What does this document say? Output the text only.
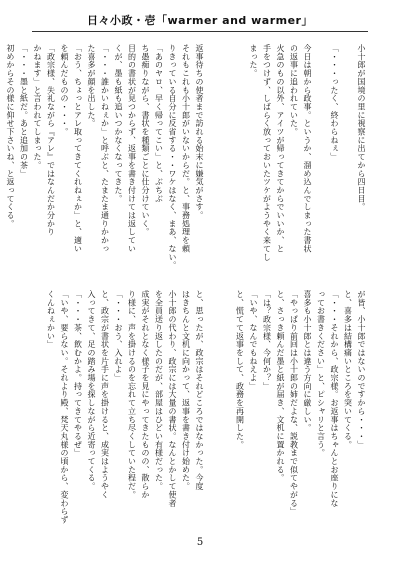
日々小政・壱「warmer and warmer」
小十郎が国境の里に視察に出てから四日目。

「・・・ったく、終わらねぇ」

今日は朝から政事。というか、溜め込んでしまった書状
の返事に追われていた。
火急のもの以外、アイツが帰ってきてからでいいか、と
手をつけず、しばらく放っておいたツケがようやく来てし
まった。
返事待ちの使者まで訪れる始末に嫌気がさす。
それもこれも小十郎がいないからだ。と、事務処理を頼
りきっている自分に反省する・・ワケはなく、まあ、ない。
「あのヤロ、早く帰ってこい」と、ぶちぶ
ち愚痴りながら、書状を種類ごとに仕分けていく。
目的の書状が見つからず、返事を書き付けては返してい
くが、墨も紙も追いつかなくなってきた。
「・・・誰かいねぇか」と呼ぶと、たまたま通りかかっ
た喜多が顔を出した。
「おう、ちょっとアレ取ってきてくれねぇか」と、適い
を頼んだものの・・・。
「政宗様、失礼ながら『アレ』ではなんだか分かり
かねます」と言われてしまった。
「・・・墨と紙だ。あと追加の茶」
初めからその様に仰せ下さいね、と返ってくる。
が皆、小十郎ではないのですから・・・」
と、喜多は結構痛いところを突いてくる。
「・・・それから、政宗様。お返事はちゃんとお座りにな
ってお書きください」と、ピシャリと言う。
喜多も小十郎とは違う方向に厳しい。
「やっぱり前回は小十郎の姉だよな、説教まで似てやがる」
と、さっき頼んだ墨と紙が届き、文机に置かれる。
「は？政宗様、今何か？」
「いや、なんでもねえよ」
と、慌てて返事をして、政務を再開した。
と、思ったが、政宗はそれどころではなかった。今度
はきちんと文机に向かって、返事を書き付け始めた。
小十郎の代わり、政宗には大量の書状。なんとかして使者
を全員送り返したのだが、部屋はひどい有様だった。
成実がそれとなく様子を見にやってきたものの、散らか
り様に、声を掛けるのを忘れて立ち尽くしていた程だ。
「・・・おう、入れよ」
と、政宗が書状を片手に声を掛けると、成実はようやく
入ってきて、足の踏み場を探しながら近寄ってくる。
「・・・茶、飲むかよ。持ってきてやるぜ」
「いや、要らない。それより殿、梵天丸様の頃から、変わらず
くんねぇかい」
5
